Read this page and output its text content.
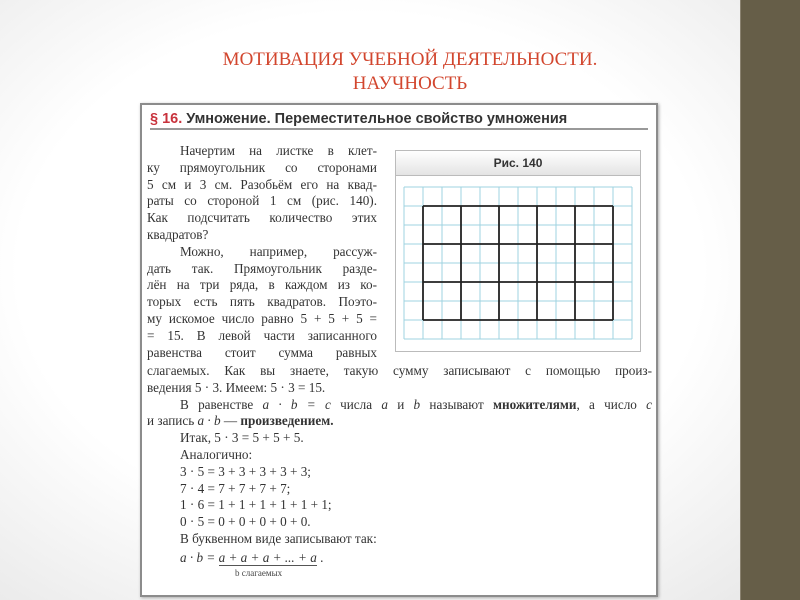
МОТИВАЦИЯ УЧЕБНОЙ ДЕЯТЕЛЬНОСТИ.
НАУЧНОСТЬ
§ 16. Умножение. Переместительное свойство умножения
Начертим на листке в клет-
ку прямоугольник со сторонами
5 см и 3 см. Разобьём его на квад-
раты со стороной 1 см (рис. 140).
Как подсчитать количество этих
квадратов?
Можно, например, рассуж-
дать так. Прямоугольник разде-
лён на три ряда, в каждом из ко-
торых есть пять квадратов. Поэто-
му искомое число равно 5 + 5 + 5 =
= 15. В левой части записанного
равенства стоит сумма равных
Рис. 140
слагаемых. Как вы знаете, такую сумму записывают с помощью произ-
ведения 5 · 3. Имеем: 5 · 3 = 15.
В равенстве a · b = c числа a и b называют множителями, а число c
и запись a · b — произведением.
Итак, 5 · 3 = 5 + 5 + 5.
Аналогично:
3 · 5 = 3 + 3 + 3 + 3 + 3;
7 · 4 = 7 + 7 + 7 + 7;
1 · 6 = 1 + 1 + 1 + 1 + 1 + 1;
0 · 5 = 0 + 0 + 0 + 0 + 0.
В буквенном виде записывают так:
a · b = a + a + a + ... + a .
b слагаемых
